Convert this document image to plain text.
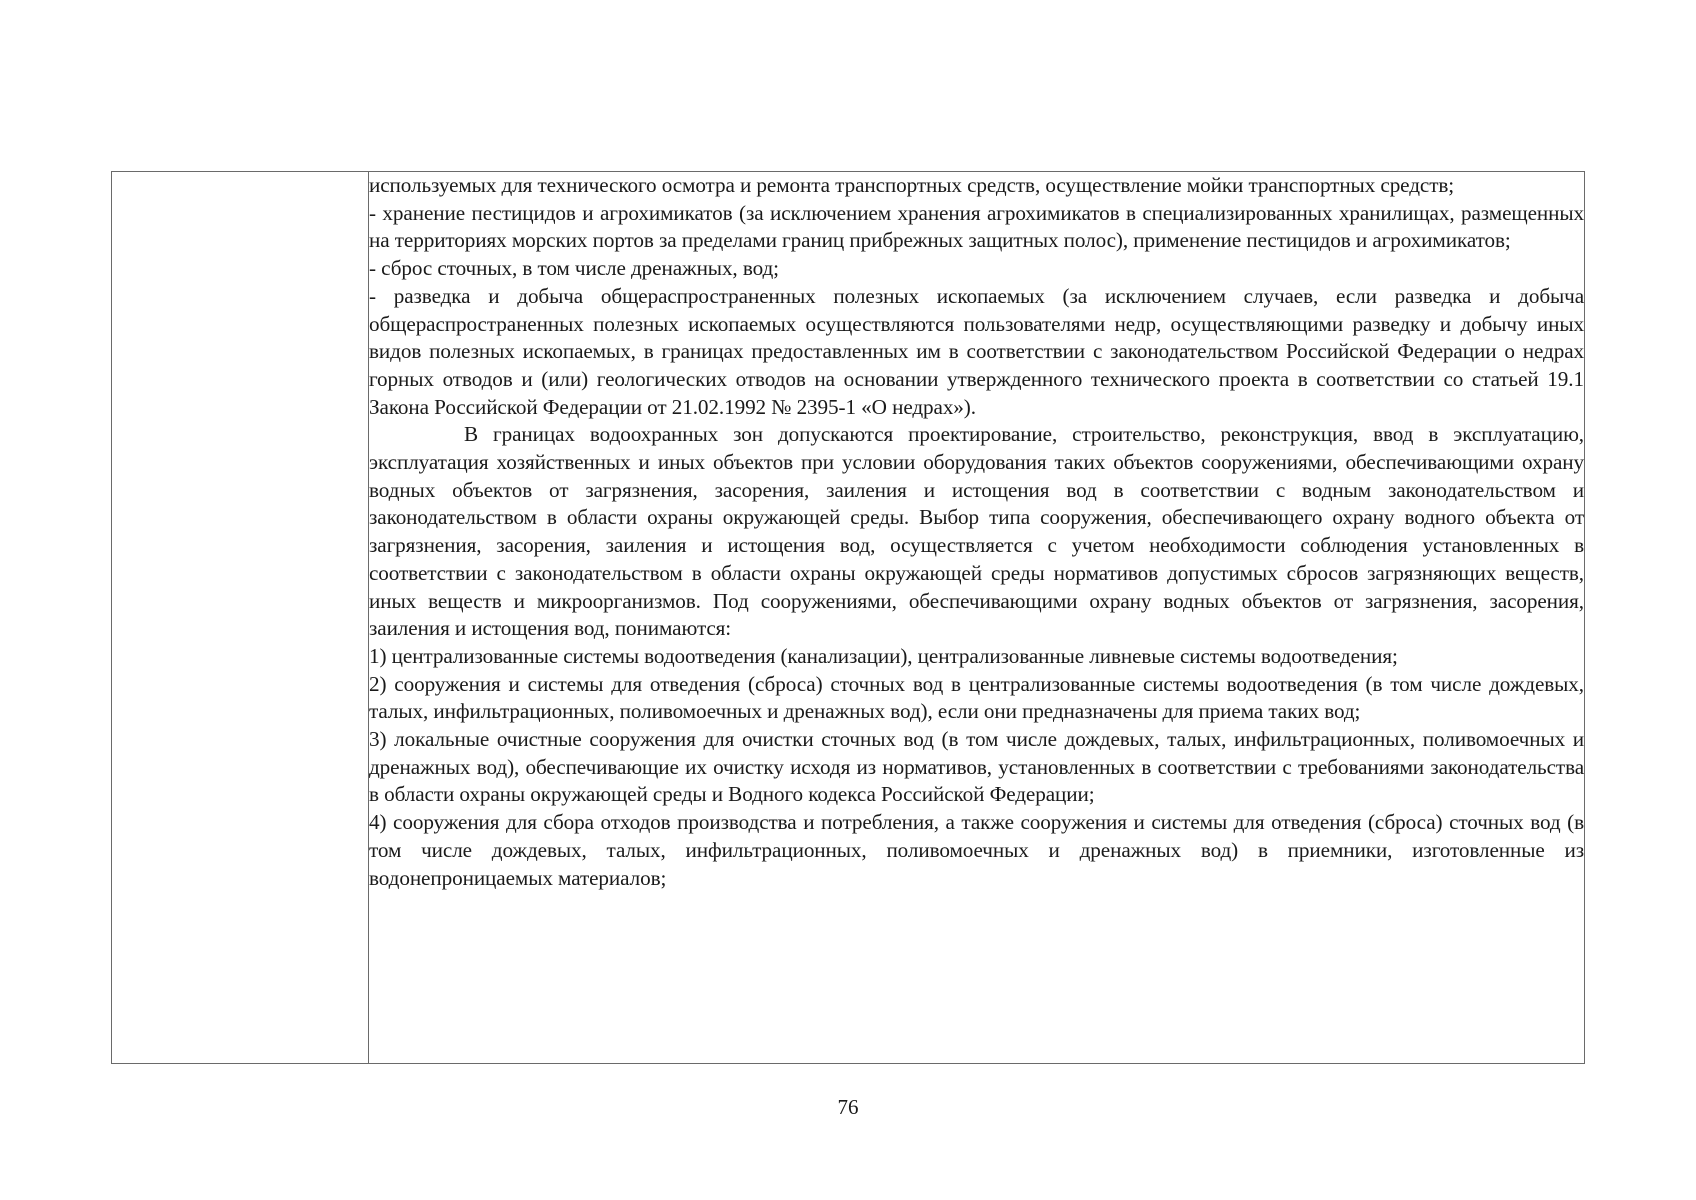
используемых для технического осмотра и ремонта транспортных средств, осуществление мойки транспортных средств;

- хранение пестицидов и агрохимикатов (за исключением хранения агрохимикатов в специализированных хранилищах, размещенных на территориях морских портов за пределами границ прибрежных защитных полос), применение пестицидов и агрохимикатов;

- сброс сточных, в том числе дренажных, вод;

- разведка и добыча общераспространенных полезных ископаемых (за исключением случаев, если разведка и добыча общераспространенных полезных ископаемых осуществляются пользователями недр, осуществляющими разведку и добычу иных видов полезных ископаемых, в границах предоставленных им в соответствии с законодательством Российской Федерации о недрах горных отводов и (или) геологических отводов на основании утвержденного технического проекта в соответствии со статьей 19.1 Закона Российской Федерации от 21.02.1992 № 2395-1 «О недрах»).

В границах водоохранных зон допускаются проектирование, строительство, реконструкция, ввод в эксплуатацию, эксплуатация хозяйственных и иных объектов при условии оборудования таких объектов сооружениями, обеспечивающими охрану водных объектов от загрязнения, засорения, заиления и истощения вод в соответствии с водным законодательством и законодательством в области охраны окружающей среды. Выбор типа сооружения, обеспечивающего охрану водного объекта от загрязнения, засорения, заиления и истощения вод, осуществляется с учетом необходимости соблюдения установленных в соответствии с законодательством в области охраны окружающей среды нормативов допустимых сбросов загрязняющих веществ, иных веществ и микроорганизмов. Под сооружениями, обеспечивающими охрану водных объектов от загрязнения, засорения, заиления и истощения вод, понимаются:

1) централизованные системы водоотведения (канализации), централизованные ливневые системы водоотведения;

2) сооружения и системы для отведения (сброса) сточных вод в централизованные системы водоотведения (в том числе дождевых, талых, инфильтрационных, поливомоечных и дренажных вод), если они предназначены для приема таких вод;

3) локальные очистные сооружения для очистки сточных вод (в том числе дождевых, талых, инфильтрационных, поливомоечных и дренажных вод), обеспечивающие их очистку исходя из нормативов, установленных в соответствии с требованиями законодательства в области охраны окружающей среды и Водного кодекса Российской Федерации;

4) сооружения для сбора отходов производства и потребления, а также сооружения и системы для отведения (сброса) сточных вод (в том числе дождевых, талых, инфильтрационных, поливомоечных и дренажных вод) в приемники, изготовленные из водонепроницаемых материалов;

76
